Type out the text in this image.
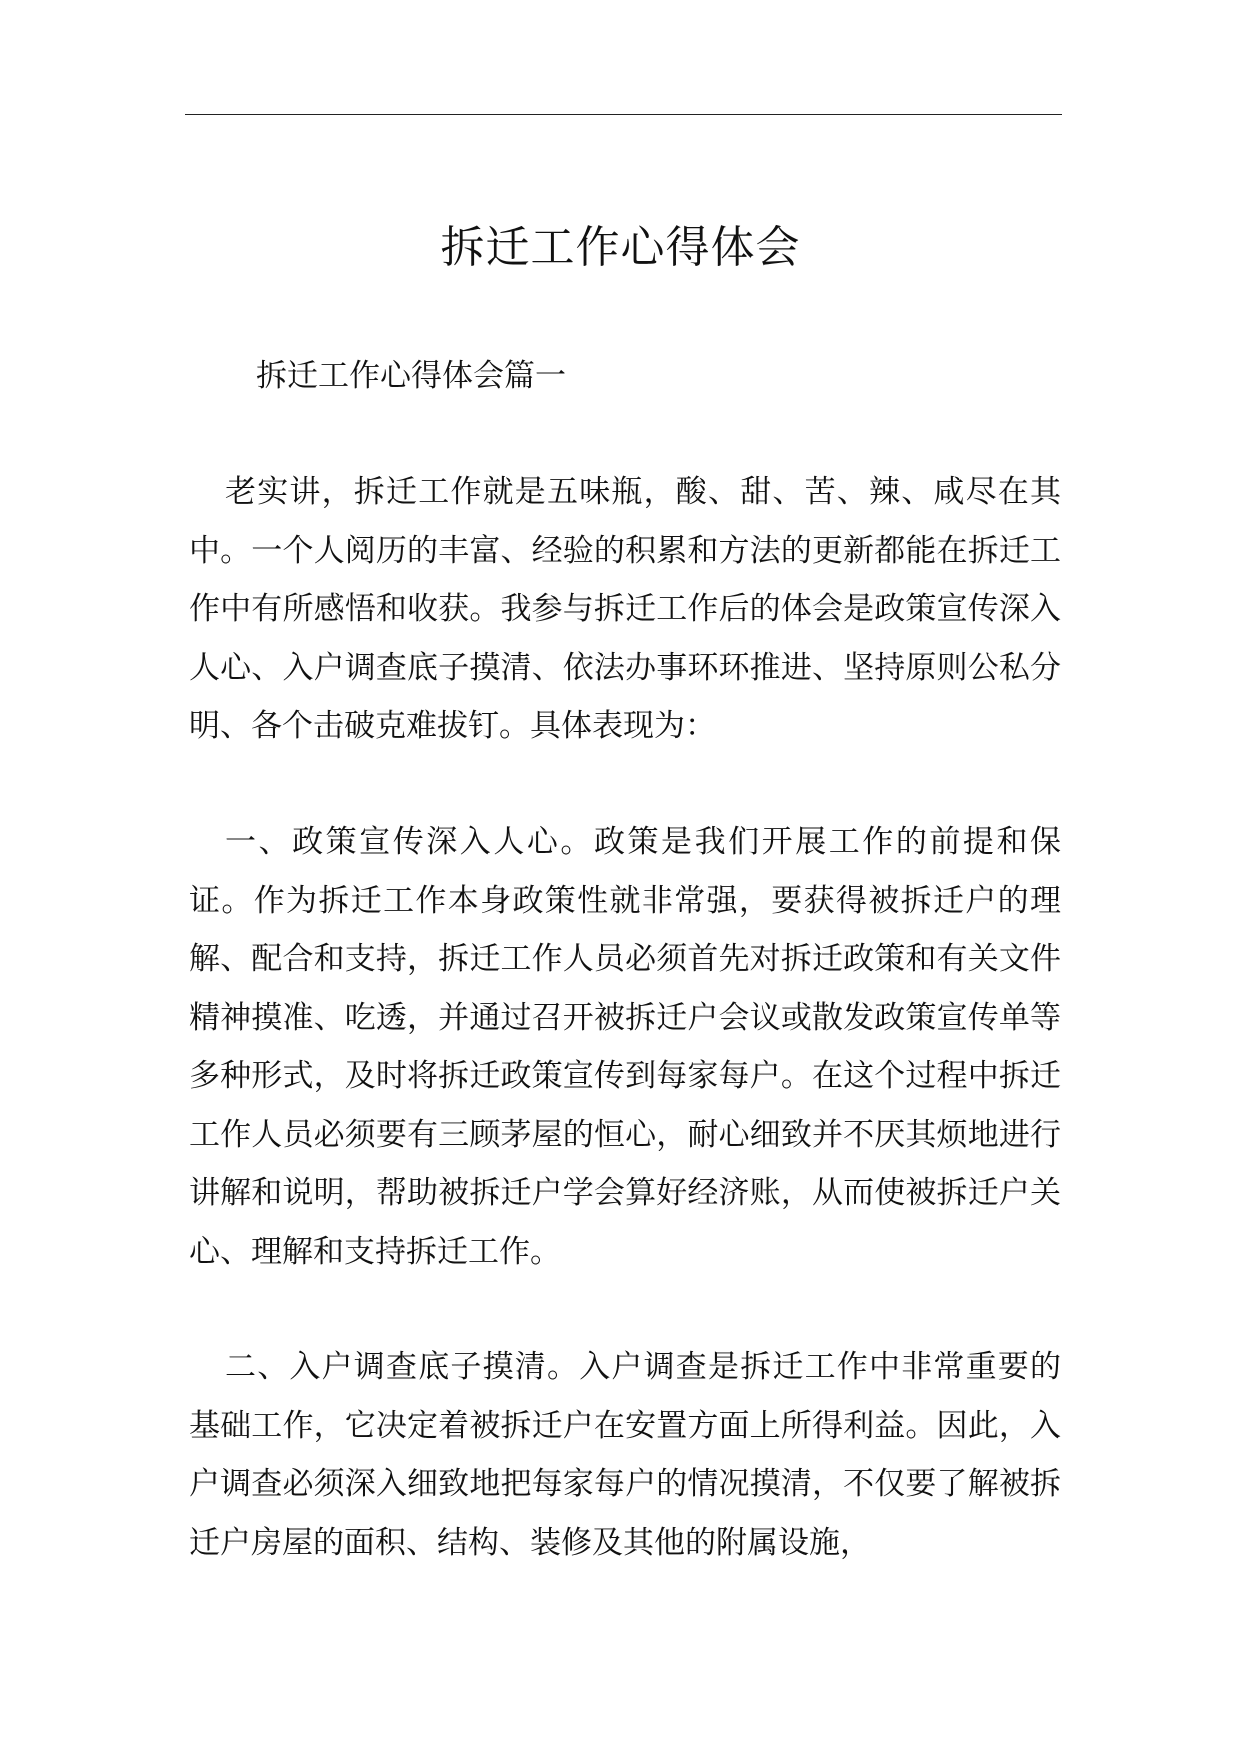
拆迁工作心得体会
拆迁工作心得体会篇一

老实讲，拆迁工作就是五味瓶，酸、甜、苦、辣、咸尽在其中。一个人阅历的丰富、经验的积累和方法的更新都能在拆迁工作中有所感悟和收获。我参与拆迁工作后的体会是政策宣传深入人心、入户调查底子摸清、依法办事环环推进、坚持原则公私分明、各个击破克难拔钉。具体表现为：

一、政策宣传深入人心。政策是我们开展工作的前提和保证。作为拆迁工作本身政策性就非常强，要获得被拆迁户的理解、配合和支持，拆迁工作人员必须首先对拆迁政策和有关文件精神摸准、吃透，并通过召开被拆迁户会议或散发政策宣传单等多种形式，及时将拆迁政策宣传到每家每户。在这个过程中拆迁工作人员必须要有三顾茅屋的恒心，耐心细致并不厌其烦地进行讲解和说明，帮助被拆迁户学会算好经济账，从而使被拆迁户关心、理解和支持拆迁工作。

二、入户调查底子摸清。入户调查是拆迁工作中非常重要的基础工作，它决定着被拆迁户在安置方面上所得利益。因此，入户调查必须深入细致地把每家每户的情况摸清，不仅要了解被拆迁户房屋的面积、结构、装修及其他的附属设施，
